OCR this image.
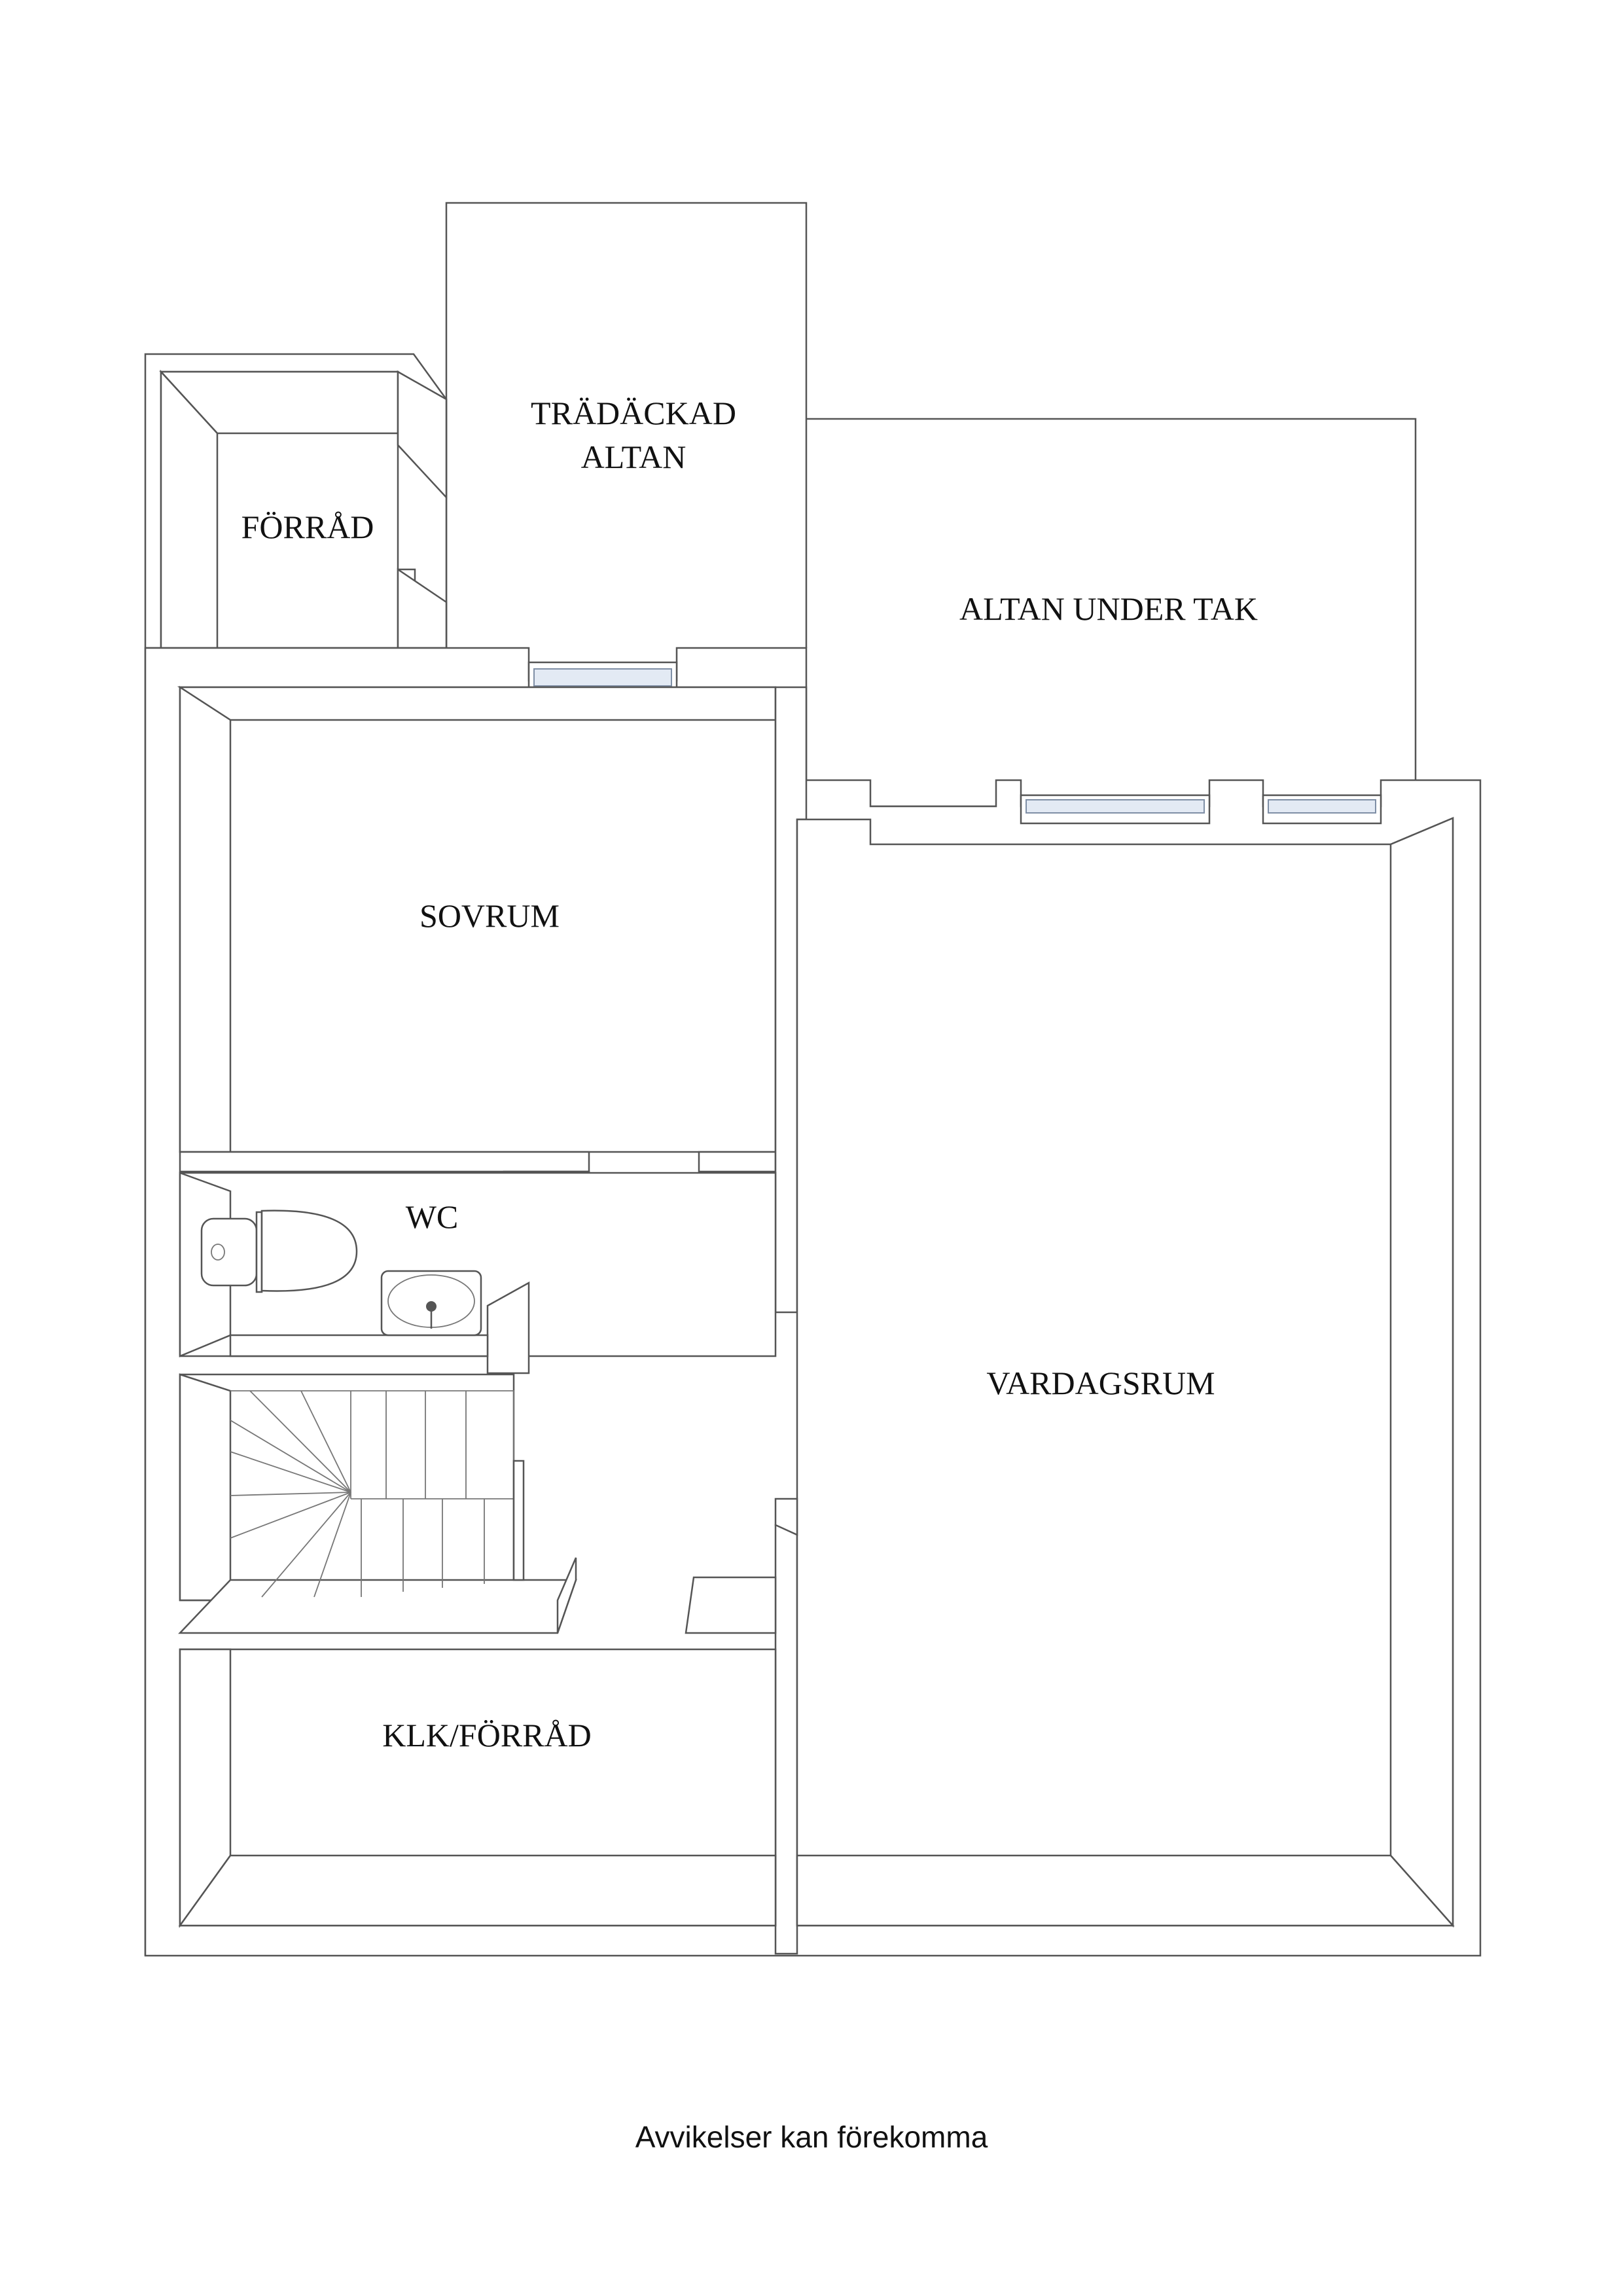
FÖRRÅD
TRÄDÄCKAD
ALTAN
ALTAN UNDER TAK
SOVRUM
WC
VARDAGSRUM
KLK/FÖRRÅD
Avvikelser kan förekomma
